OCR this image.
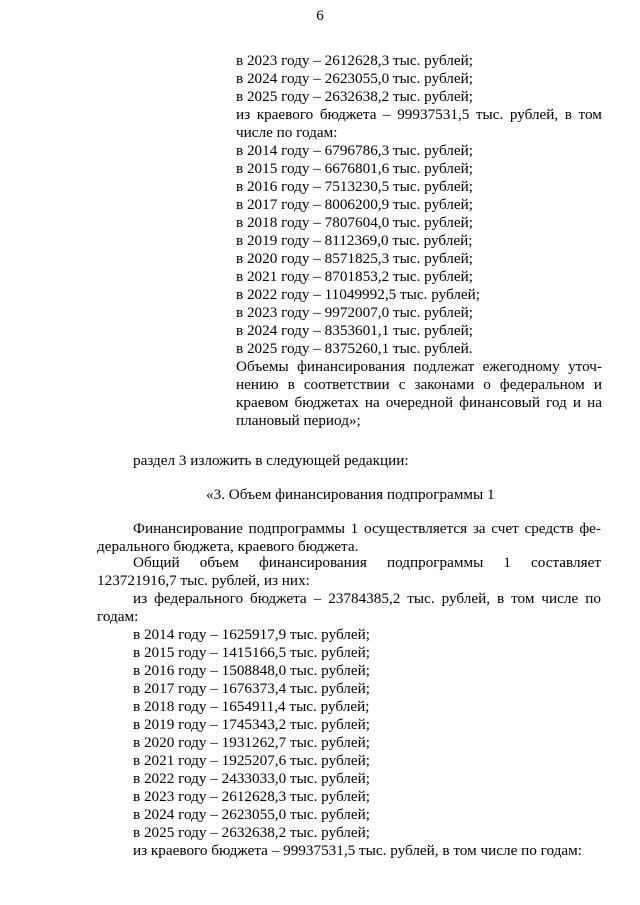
6
в 2023 году – 2612628,3 тыс. рублей;
в 2024 году – 2623055,0 тыс. рублей;
в 2025 году – 2632638,2 тыс. рублей;
из краевого бюджета – 99937531,5 тыс. рублей, в том
числе по годам:
в 2014 году – 6796786,3 тыс. рублей;
в 2015 году – 6676801,6 тыс. рублей;
в 2016 году – 7513230,5 тыс. рублей;
в 2017 году – 8006200,9 тыс. рублей;
в 2018 году – 7807604,0 тыс. рублей;
в 2019 году – 8112369,0 тыс. рублей;
в 2020 году – 8571825,3 тыс. рублей;
в 2021 году – 8701853,2 тыс. рублей;
в 2022 году – 11049992,5 тыс. рублей;
в 2023 году – 9972007,0 тыс. рублей;
в 2024 году – 8353601,1 тыс. рублей;
в 2025 году – 8375260,1 тыс. рублей.
Объемы финансирования подлежат ежегодному уточ-
нению в соответствии с законами о федеральном и
краевом бюджетах на очередной финансовый год и на
плановый период»;
раздел 3 изложить в следующей редакции:
«3. Объем финансирования подпрограммы 1
Финансирование подпрограммы 1 осуществляется за счет средств фе-
дерального бюджета, краевого бюджета.
Общий объем финансирования подпрограммы 1 составляет
123721916,7 тыс. рублей, из них:
из федерального бюджета – 23784385,2 тыс. рублей, в том числе по
годам:
в 2014 году – 1625917,9 тыс. рублей;
в 2015 году – 1415166,5 тыс. рублей;
в 2016 году – 1508848,0 тыс. рублей;
в 2017 году – 1676373,4 тыс. рублей;
в 2018 году – 1654911,4 тыс. рублей;
в 2019 году – 1745343,2 тыс. рублей;
в 2020 году – 1931262,7 тыс. рублей;
в 2021 году – 1925207,6 тыс. рублей;
в 2022 году – 2433033,0 тыс. рублей;
в 2023 году – 2612628,3 тыс. рублей;
в 2024 году – 2623055,0 тыс. рублей;
в 2025 году – 2632638,2 тыс. рублей;
из краевого бюджета – 99937531,5 тыс. рублей, в том числе по годам:
